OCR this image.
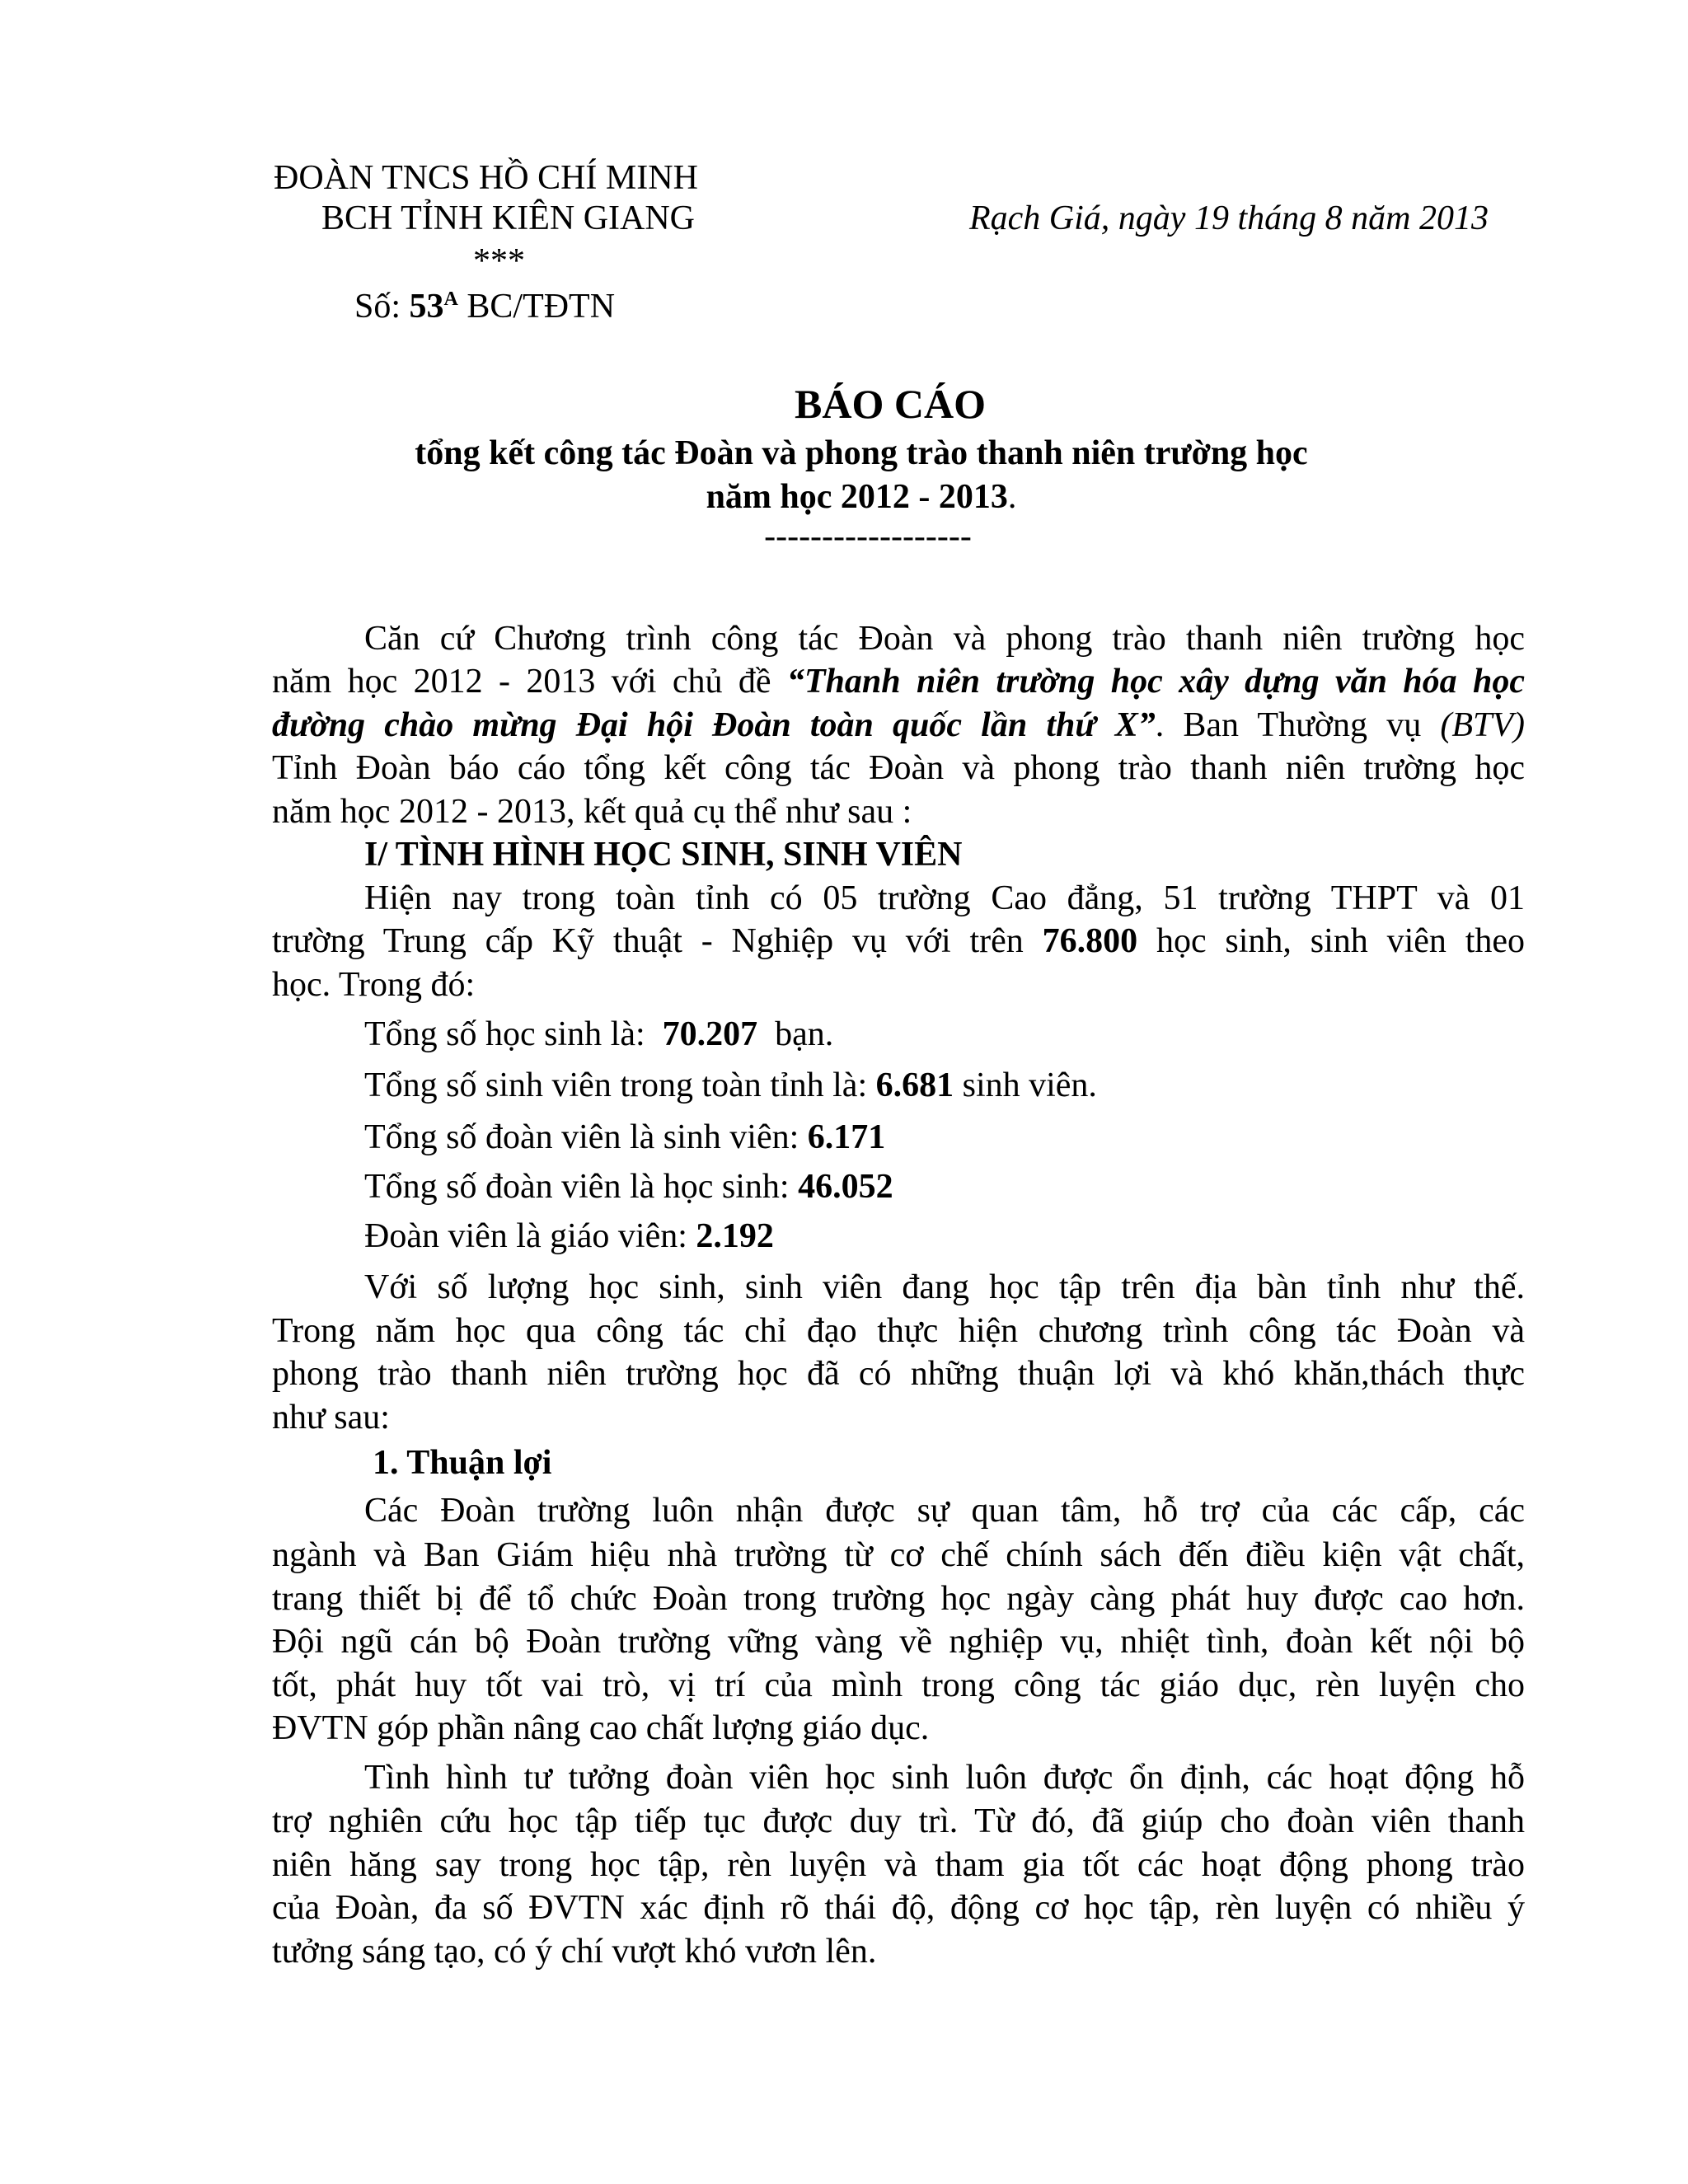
ĐOÀN TNCS HỒ CHÍ MINH
BCH TỈNH KIÊN GIANG
***
Số: $53^A$ BC/TĐTN
Rạch Giá, ngày 19 tháng 8 năm 2013
BÁO CÁO
tổng kết công tác Đoàn và phong trào thanh niên trường học
năm học 2012 - 2013.
------------------
Căn cứ Chương trình công tác Đoàn và phong trào thanh niên trường học
năm học 2012 - 2013 với chủ đề “Thanh niên trường học xây dựng văn hóa học
đường chào mừng Đại hội Đoàn toàn quốc lần thứ X”. Ban Thường vụ (BTV)
Tỉnh Đoàn báo cáo tổng kết công tác Đoàn và phong trào thanh niên trường học
năm học 2012 - 2013, kết quả cụ thể như sau :
I/ TÌNH HÌNH HỌC SINH, SINH VIÊN
Hiện nay trong toàn tỉnh có 05 trường Cao đẳng, 51 trường THPT và 01
trường Trung cấp Kỹ thuật - Nghiệp vụ với trên 76.800 học sinh, sinh viên theo
học. Trong đó:
Tổng số học sinh là:  70.207  bạn.
Tổng số sinh viên trong toàn tỉnh là: 6.681 sinh viên.
Tổng số đoàn viên là sinh viên: 6.171
Tổng số đoàn viên là học sinh: 46.052
Đoàn viên là giáo viên: 2.192
Với số lượng học sinh, sinh viên đang học tập trên địa bàn tỉnh như thế.
Trong năm học qua công tác chỉ đạo thực hiện chương trình công tác Đoàn và
phong trào thanh niên trường học đã có những thuận lợi và khó khăn,thách thực
như sau:
1. Thuận lợi
Các Đoàn trường luôn nhận được sự quan tâm, hỗ trợ của các cấp, các
ngành và Ban Giám hiệu nhà trường từ cơ chế chính sách đến điều kiện vật chất,
trang thiết bị để tổ chức Đoàn trong trường học ngày càng phát huy được cao hơn.
Đội ngũ cán bộ Đoàn trường vững vàng về nghiệp vụ, nhiệt tình, đoàn kết nội bộ
tốt, phát huy tốt vai trò, vị trí của mình trong công tác giáo dục, rèn luyện cho
ĐVTN góp phần nâng cao chất lượng giáo dục.
Tình hình tư tưởng đoàn viên học sinh luôn được ổn định, các hoạt động hỗ
trợ nghiên cứu học tập tiếp tục được duy trì. Từ đó, đã giúp cho đoàn viên thanh
niên hăng say trong học tập, rèn luyện và tham gia tốt các hoạt động phong trào
của Đoàn, đa số ĐVTN xác định rõ thái độ, động cơ học tập, rèn luyện có nhiều ý
tưởng sáng tạo, có ý chí vượt khó vươn lên.
